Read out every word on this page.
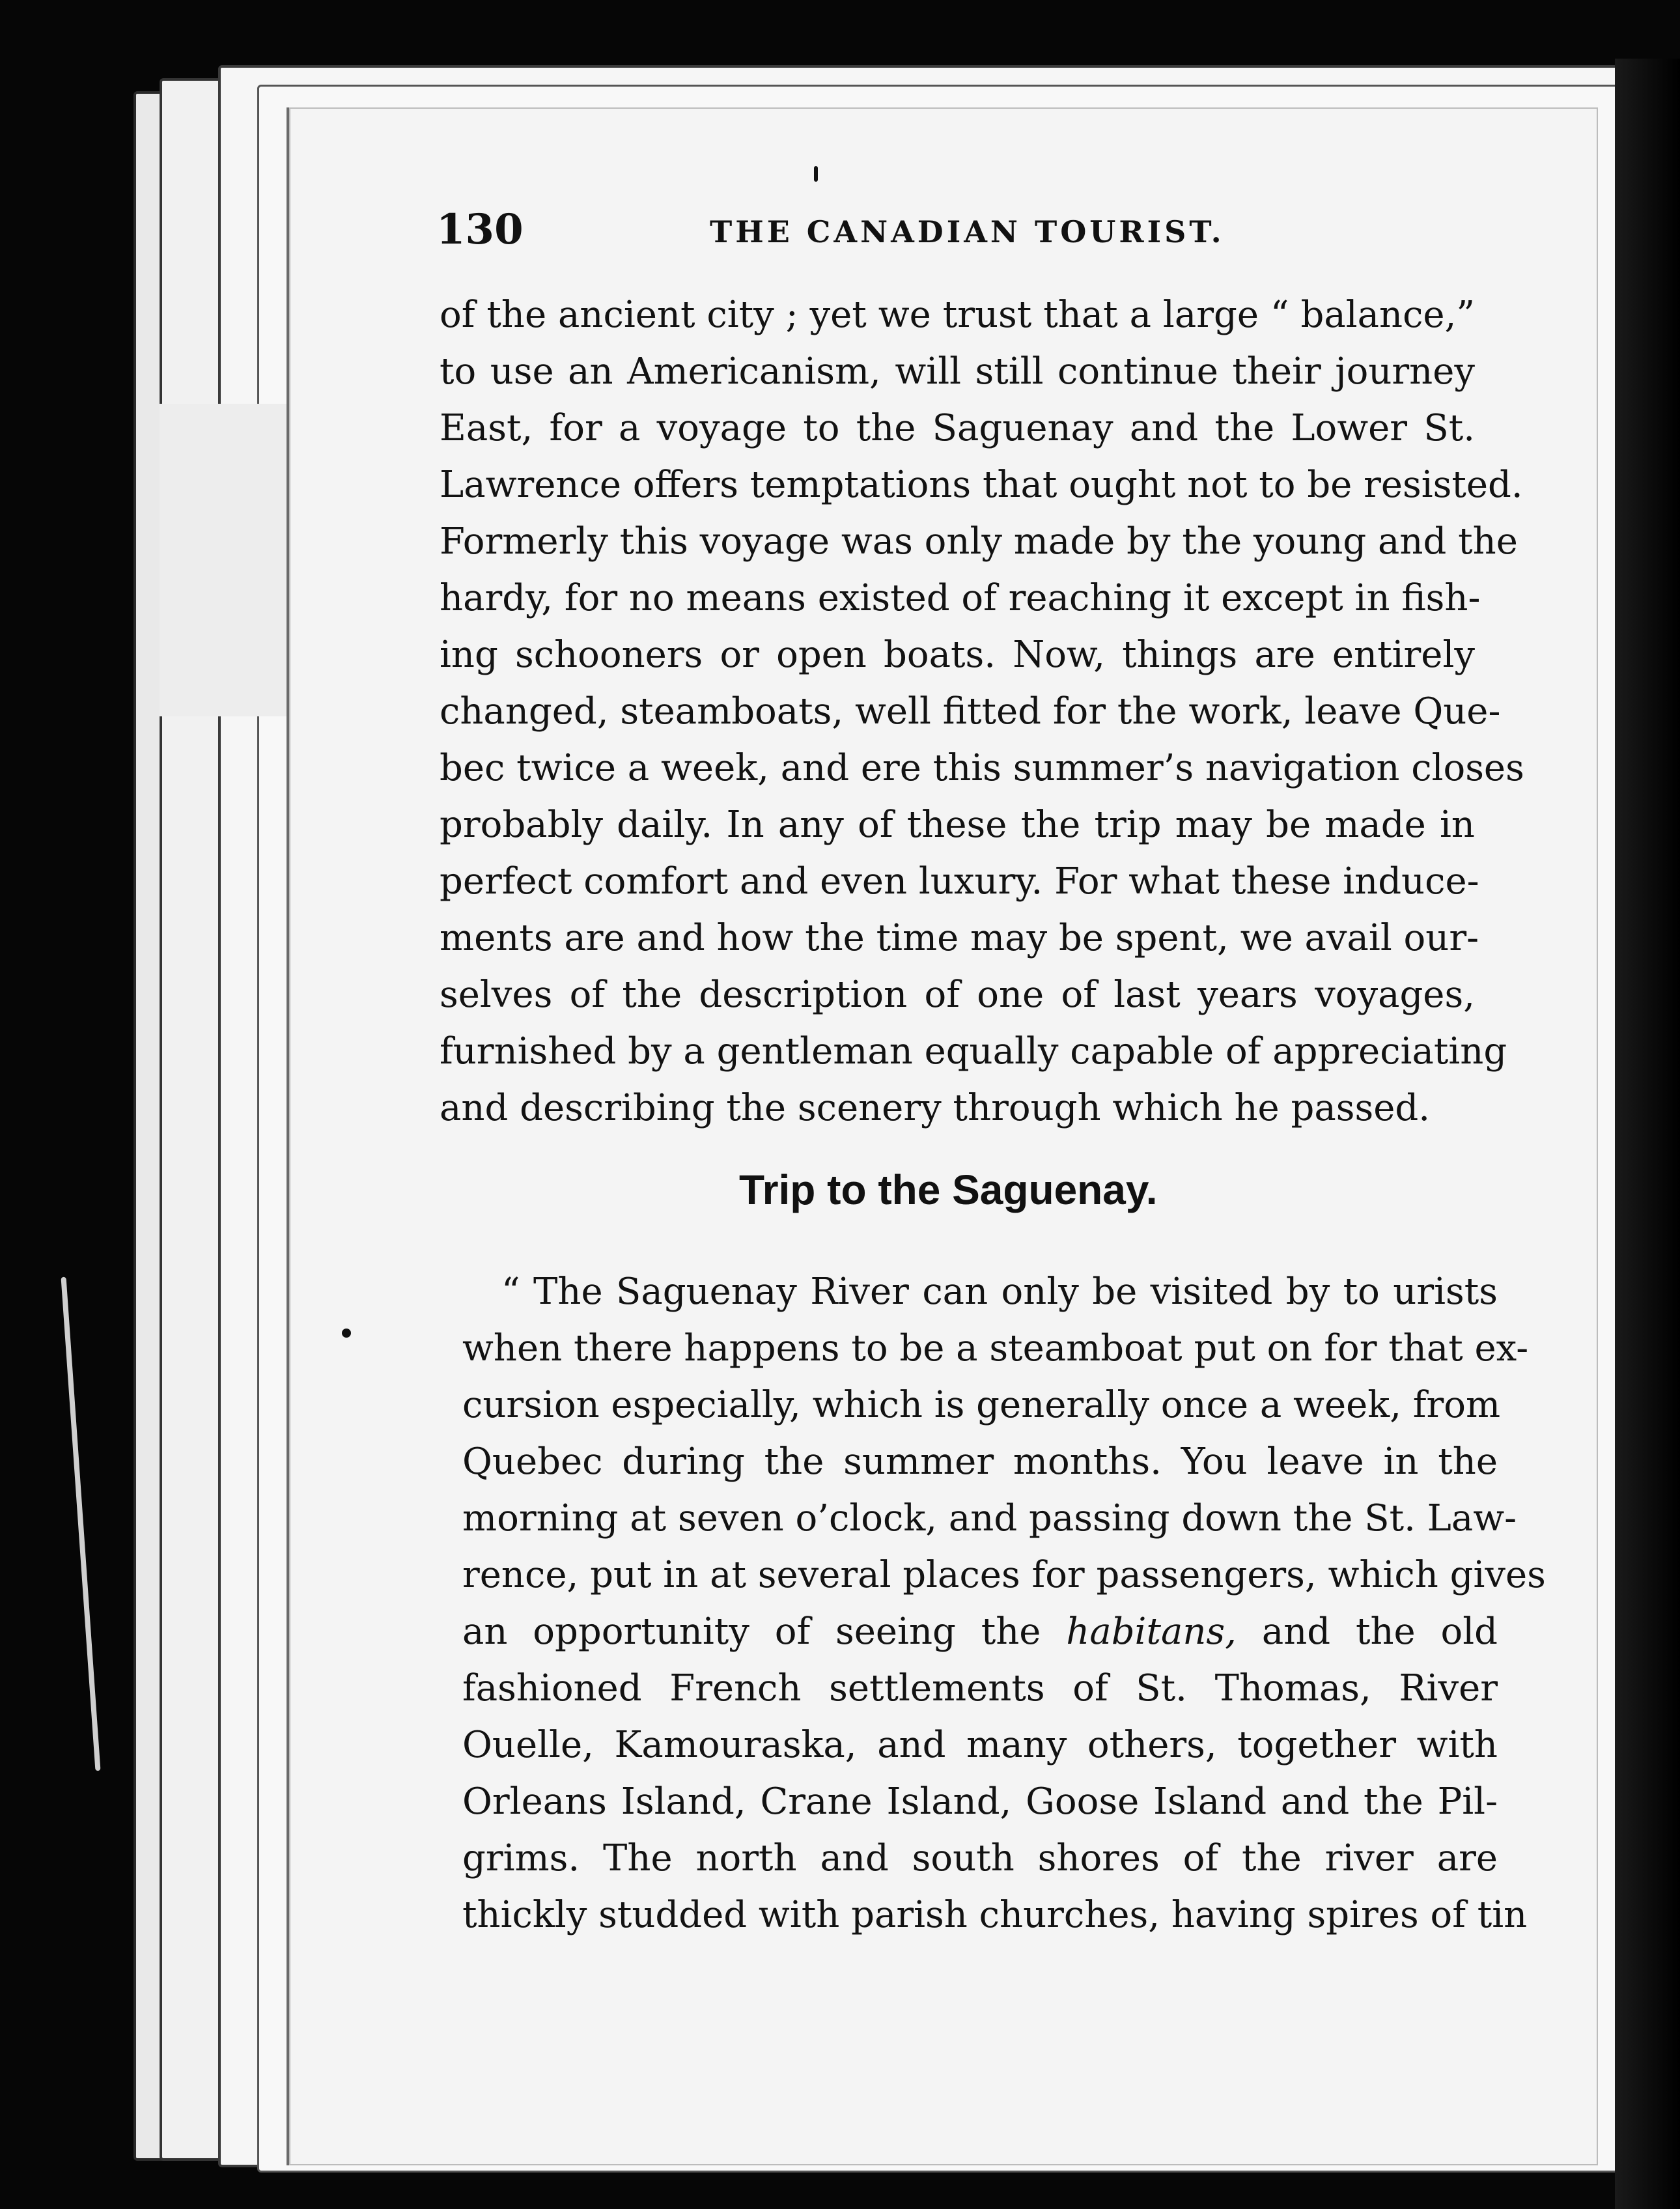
130	THE CANADIAN TOURIST.
of the ancient city ; yet we trust that a large “ balance,”
to use an Americanism, will still continue their journey
East, for a voyage to the Saguenay and the Lower St.
Lawrence offers temptations that ought not to be resisted.
Formerly this voyage was only made by the young and the
hardy, for no means existed of reaching it except in fish-
ing schooners or open boats. Now, things are entirely
changed, steamboats, well fitted for the work, leave Que-
bec twice a week, and ere this summer’s navigation closes
probably daily. In any of these the trip may be made in
perfect comfort and even luxury. For what these induce-
ments are and how the time may be spent, we avail our-
selves of the description of one of last years voyages,
furnished by a gentleman equally capable of appreciating
and describing the scenery through which he passed.
Trip to the Saguenay.
“ The Saguenay River can only be visited by to urists
when there happens to be a steamboat put on for that ex-
cursion especially, which is generally once a week, from
Quebec during the summer months. You leave in the
morning at seven o’clock, and passing down the St. Law-
rence, put in at several places for passengers, which gives
an opportunity of seeing the habitans, and the old
fashioned French settlements of St. Thomas, River
Ouelle, Kamouraska, and many others, together with
Orleans Island, Crane Island, Goose Island and the Pil-
grims. The north and south shores of the river are
thickly studded with parish churches, having spires of tin
